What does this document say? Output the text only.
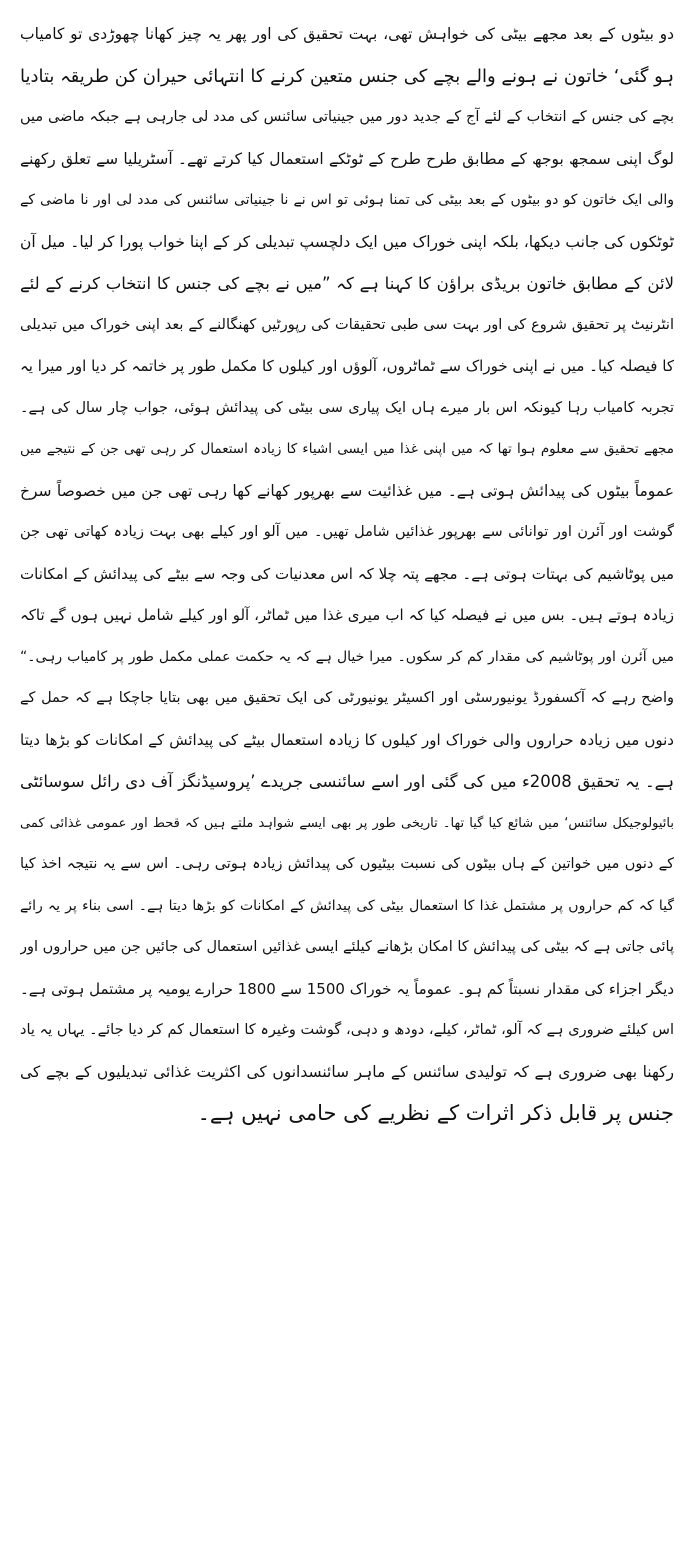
دو بیٹوں کے بعد مجھے بیٹی کی خواہش تھی، بہت تحقیق کی اور پھر یہ چیز کھانا چھوڑدی تو کامیاب
ہو گئی‘ خاتون نے ہونے والے بچے کی جنس متعین کرنے کا انتہائی حیران کن طریقہ بتادیا
بچے کی جنس کے انتخاب کے لئے آج کے جدید دور میں جینیاتی سائنس کی مدد لی جارہی ہے جبکہ ماضی میں
لوگ اپنی سمجھ بوجھ کے مطابق طرح طرح کے ٹوٹکے استعمال کیا کرتے تھے۔ آسٹریلیا سے تعلق رکھنے
والی ایک خاتون کو دو بیٹوں کے بعد بیٹی کی تمنا ہوئی تو اس نے نا جینیاتی سائنس کی مدد لی اور نا ماضی کے
ٹوٹکوں کی جانب دیکھا، بلکہ اپنی خوراک میں ایک دلچسپ تبدیلی کر کے اپنا خواب پورا کر لیا۔ میل آن
لائن کے مطابق خاتون بریڈی براؤن کا کہنا ہے کہ ”میں نے بچے کی جنس کا انتخاب کرنے کے لئے
انٹرنیٹ پر تحقیق شروع کی اور بہت سی طبی تحقیقات کی رپورٹیں کھنگالنے کے بعد اپنی خوراک میں تبدیلی
کا فیصلہ کیا۔ میں نے اپنی خوراک سے ٹماٹروں، آلوؤں اور کیلوں کا مکمل طور پر خاتمہ کر دیا اور میرا یہ
تجربہ کامیاب رہا کیونکہ اس بار میرے ہاں ایک پیاری سی بیٹی کی پیدائش ہوئی، جواب چار سال کی ہے۔
مجھے تحقیق سے معلوم ہوا تھا کہ میں اپنی غذا میں ایسی اشیاء کا زیادہ استعمال کر رہی تھی جن کے نتیجے میں
عموماً بیٹوں کی پیدائش ہوتی ہے۔ میں غذائیت سے بھرپور کھانے کھا رہی تھی جن میں خصوصاً سرخ
گوشت اور آئرن اور توانائی سے بھرپور غذائیں شامل تھیں۔ میں آلو اور کیلے بھی بہت زیادہ کھاتی تھی جن
میں پوٹاشیم کی بہتات ہوتی ہے۔ مجھے پتہ چلا کہ اس معدنیات کی وجہ سے بیٹے کی پیدائش کے امکانات
زیادہ ہوتے ہیں۔ بس میں نے فیصلہ کیا کہ اب میری غذا میں ٹماٹر، آلو اور کیلے شامل نہیں ہوں گے تاکہ
میں آئرن اور پوٹاشیم کی مقدار کم کر سکوں۔ میرا خیال ہے کہ یہ حکمت عملی مکمل طور پر کامیاب رہی۔“
واضح رہے کہ آکسفورڈ یونیورسٹی اور اکسیٹر یونیورٹی کی ایک تحقیق میں بھی بتایا جاچکا ہے کہ حمل کے
دنوں میں زیادہ حراروں والی خوراک اور کیلوں کا زیادہ استعمال بیٹے کی پیدائش کے امکانات کو بڑھا دیتا
ہے۔ یہ تحقیق 2008ء میں کی گئی اور اسے سائنسی جریدے ’پروسیڈنگز آف دی رائل سوسائٹی
بائیولوجیکل سائنس‘ میں شائع کیا گیا تھا۔ تاریخی طور پر بھی ایسے شواہد ملتے ہیں کہ قحط اور عمومی غذائی کمی
کے دنوں میں خواتین کے ہاں بیٹوں کی نسبت بیٹیوں کی پیدائش زیادہ ہوتی رہی۔ اس سے یہ نتیجہ اخذ کیا
گیا کہ کم حراروں پر مشتمل غذا کا استعمال بیٹی کی پیدائش کے امکانات کو بڑھا دیتا ہے۔ اسی بناء پر یہ رائے
پائی جاتی ہے کہ بیٹی کی پیدائش کا امکان بڑھانے کیلئے ایسی غذائیں استعمال کی جائیں جن میں حراروں اور
دیگر اجزاء کی مقدار نسبتاً کم ہو۔ عموماً یہ خوراک 1500 سے 1800 حرارے یومیہ پر مشتمل ہوتی ہے۔
اس کیلئے ضروری ہے کہ آلو، ٹماٹر، کیلے، دودھ و دہی، گوشت وغیرہ کا استعمال کم کر دیا جائے۔ یہاں یہ یاد
رکھنا بھی ضروری ہے کہ تولیدی سائنس کے ماہر سائنسدانوں کی اکثریت غذائی تبدیلیوں کے بچے کی
جنس پر قابل ذکر اثرات کے نظریے کی حامی نہیں ہے۔
